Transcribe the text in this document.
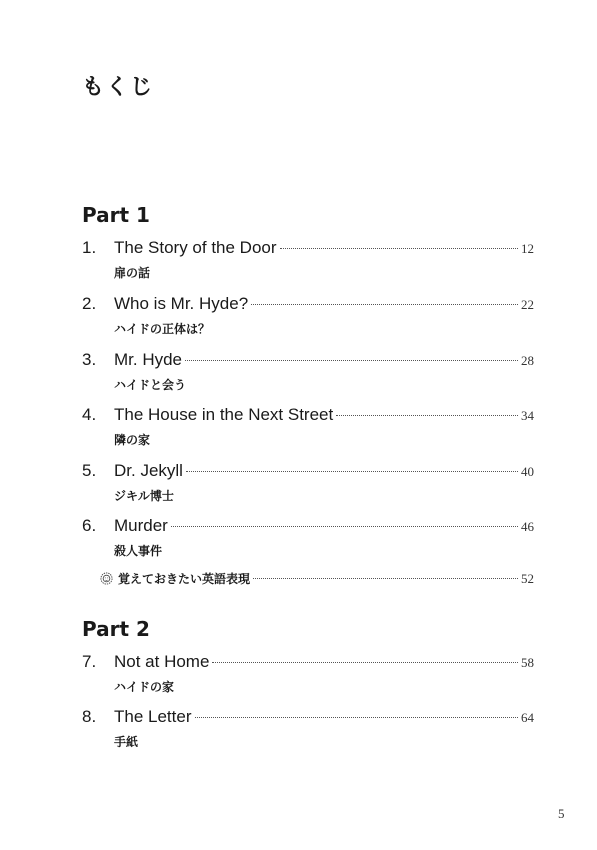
もくじ
Part 1
1.	The Story of the Door	12
扉の話
2.	Who is Mr. Hyde?	22
ハイドの正体は？
3.	Mr. Hyde	28
ハイドと会う
4.	The House in the Next Street	34
隣の家
5.	Dr. Jekyll	40
ジキル博士
6.	Murder	46
殺人事件
覚えておきたい英語表現	52
Part 2
7.	Not at Home	58
ハイドの家
8.	The Letter	64
手紙
5
